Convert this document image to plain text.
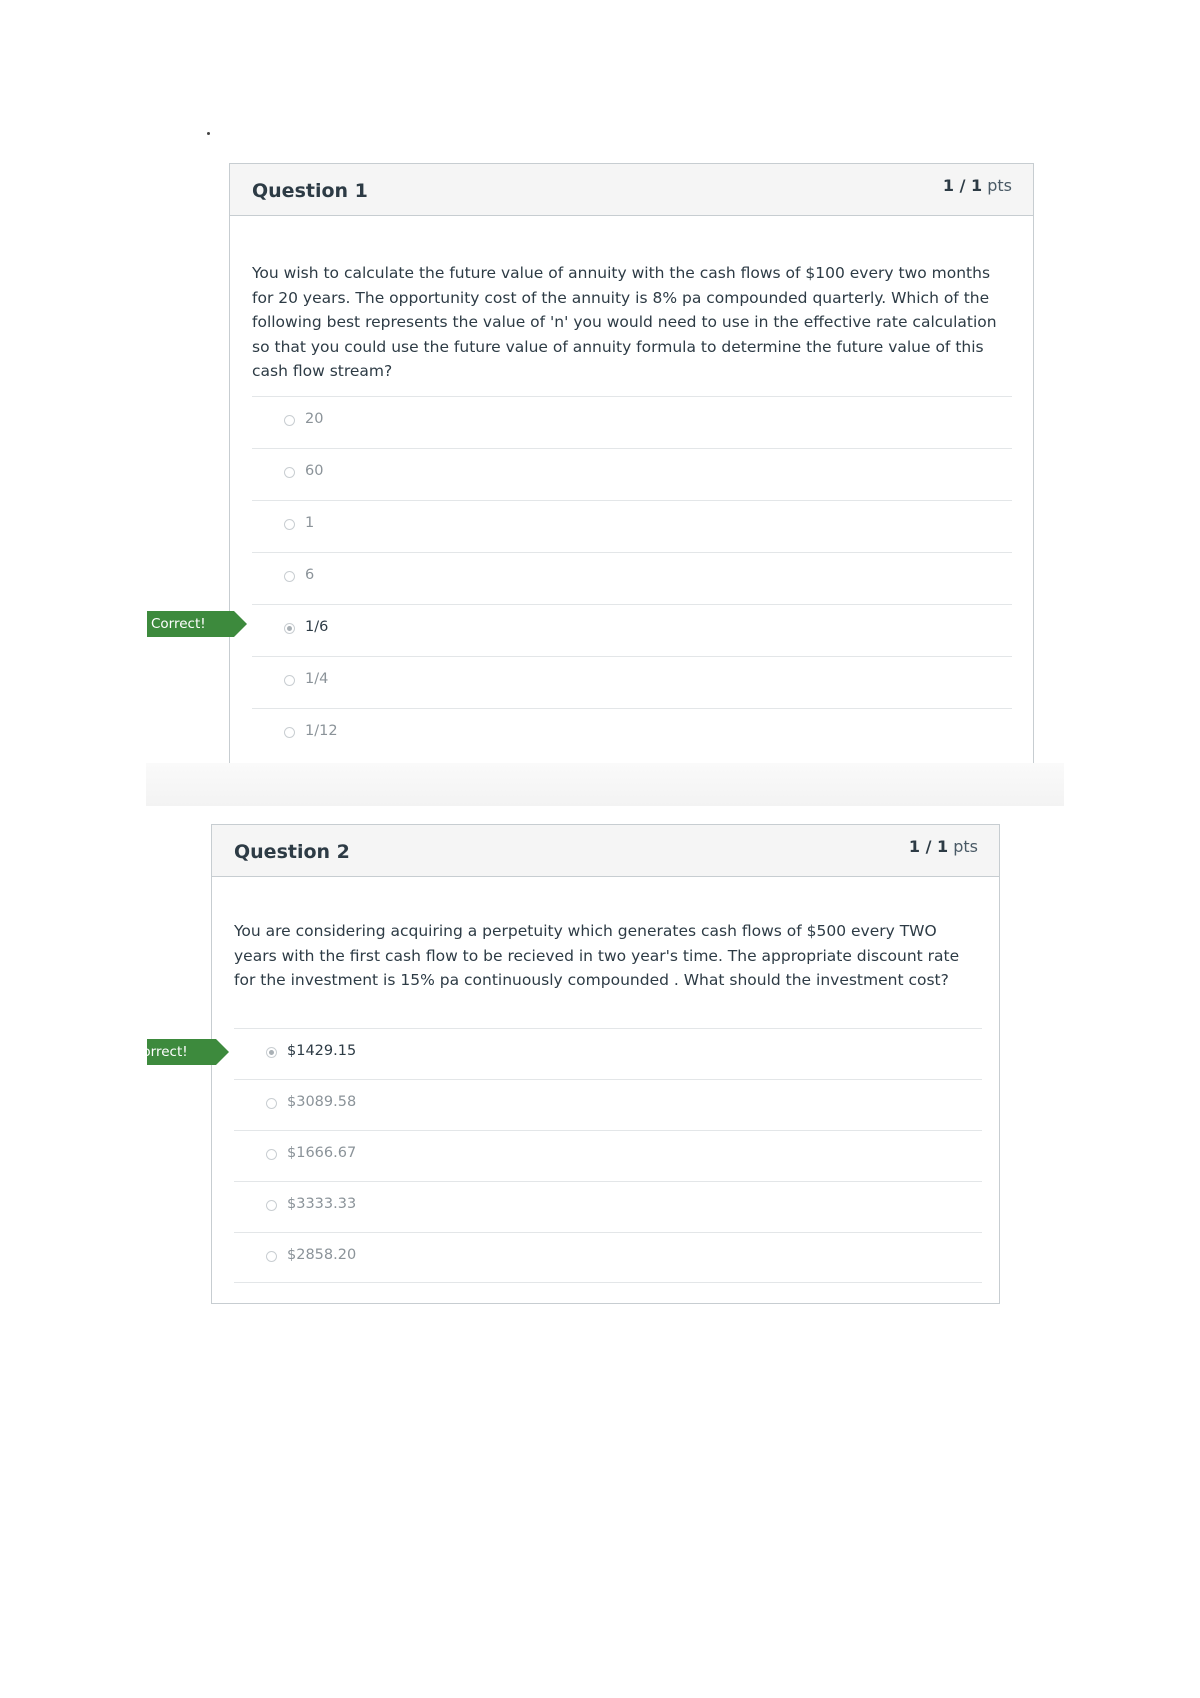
Question 1	1 / 1 pts
You wish to calculate the future value of annuity with the cash flows of $100 every two months for 20 years. The opportunity cost of the annuity is 8% pa compounded quarterly. Which of the following best represents the value of 'n' you would need to use in the effective rate calculation so that you could use the future value of annuity formula to determine the future value of this cash flow stream?
20
60
1
6
1/6
1/4
1/12
Correct!
Question 2	1 / 1 pts
You are considering acquiring a perpetuity which generates cash flows of $500 every TWO years with the first cash flow to be recieved in two year's time. The appropriate discount rate for the investment is 15% pa continuously compounded . What should the investment cost?
$1429.15
$3089.58
$1666.67
$3333.33
$2858.20
Correct!
